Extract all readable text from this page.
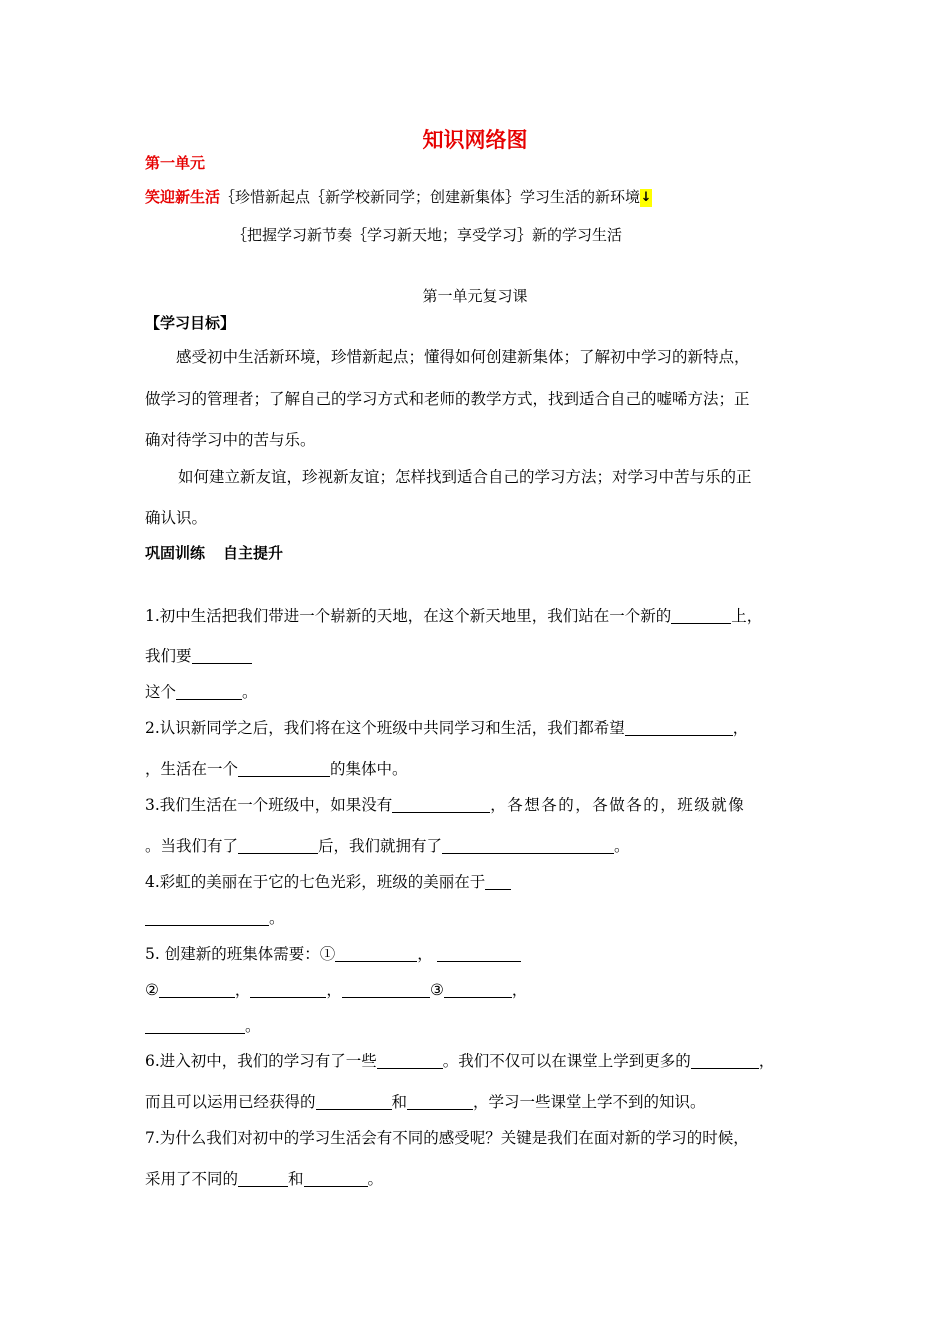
知识网络图
第一单元
笑迎新生活｛珍惜新起点｛新学校新同学；创建新集体｝学习生活的新环境↓
｛把握学习新节奏｛学习新天地；享受学习｝新的学习生活
第一单元复习课
【学习目标】
感受初中生活新环境，珍惜新起点；懂得如何创建新集体；了解初中学习的新特点，
做学习的管理者；了解自己的学习方式和老师的教学方式，找到适合自己的嘘唏方法；正
确对待学习中的苦与乐。
如何建立新友谊，珍视新友谊；怎样找到适合自己的学习方法；对学习中苦与乐的正
确认识。
巩固训练 自主提升
1.初中生活把我们带进一个崭新的天地，在这个新天地里，我们站在一个新的	上，
我们要
这个	。
2.认识新同学之后，我们将在这个班级中共同学习和生活，我们都希望	，
，生活在一个	的集体中。
3.我们生活在一个班级中，如果没有	，各想各的，各做各的，班级就像
。当我们有了	后，我们就拥有了	。
4.彩虹的美丽在于它的七色光彩，班级的美丽在于
。
5. 创建新的班集体需要：①	，
②	，	，	③	，
。
6.进入初中，我们的学习有了一些	。我们不仅可以在课堂上学到更多的	，
而且可以运用已经获得的	和	，学习一些课堂上学不到的知识。
7.为什么我们对初中的学习生活会有不同的感受呢？关键是我们在面对新的学习的时候，
采用了不同的	和	。
